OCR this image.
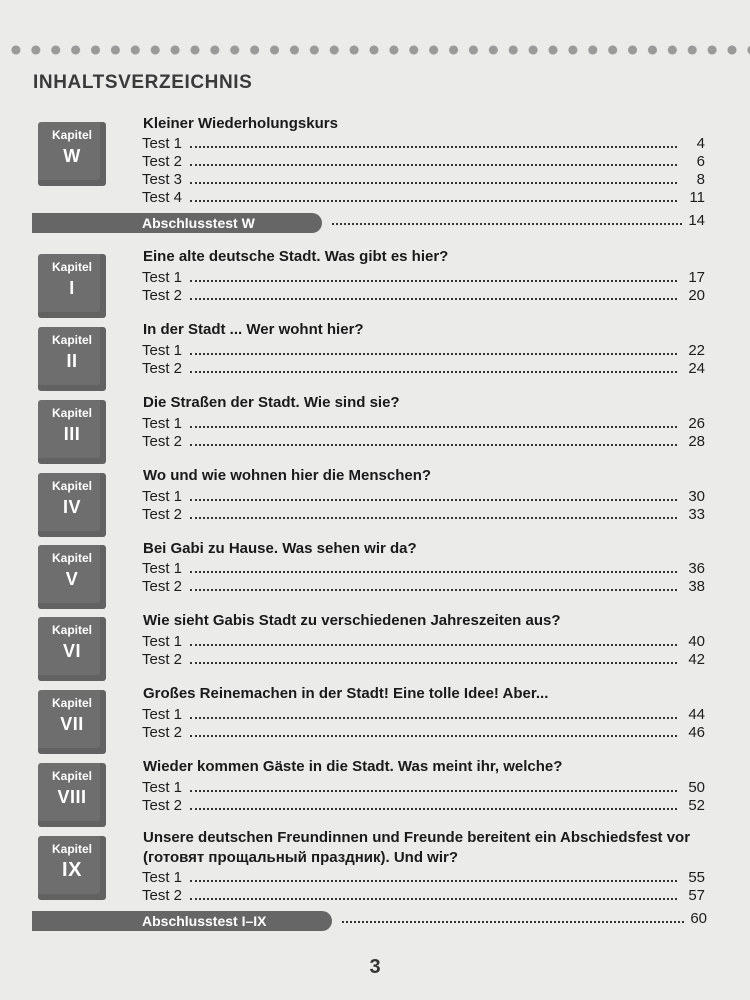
INHALTSVERZEICHNIS
Kapitel
W
Kleiner Wiederholungskurs
Test 1	4
Test 2	6
Test 3	8
Test 4	11
Abschlusstest W	14
Kapitel
I
Eine alte deutsche Stadt. Was gibt es hier?
Test 1	17
Test 2	20
Kapitel
II
In der Stadt ... Wer wohnt hier?
Test 1	22
Test 2	24
Kapitel
III
Die Straßen der Stadt. Wie sind sie?
Test 1	26
Test 2	28
Kapitel
IV
Wo und wie wohnen hier die Menschen?
Test 1	30
Test 2	33
Kapitel
V
Bei Gabi zu Hause. Was sehen wir da?
Test 1	36
Test 2	38
Kapitel
VI
Wie sieht Gabis Stadt zu verschiedenen Jahreszeiten aus?
Test 1	40
Test 2	42
Kapitel
VII
Großes Reinemachen in der Stadt! Eine tolle Idee! Aber...
Test 1	44
Test 2	46
Kapitel
VIII
Wieder kommen Gäste in die Stadt. Was meint ihr, welche?
Test 1	50
Test 2	52
Kapitel
IX
Unsere deutschen Freundinnen und Freunde bereitent ein Abschiedsfest vor (готовят прощальный праздник). Und wir?
Test 1	55
Test 2	57
Abschlusstest I–IX	60
3
